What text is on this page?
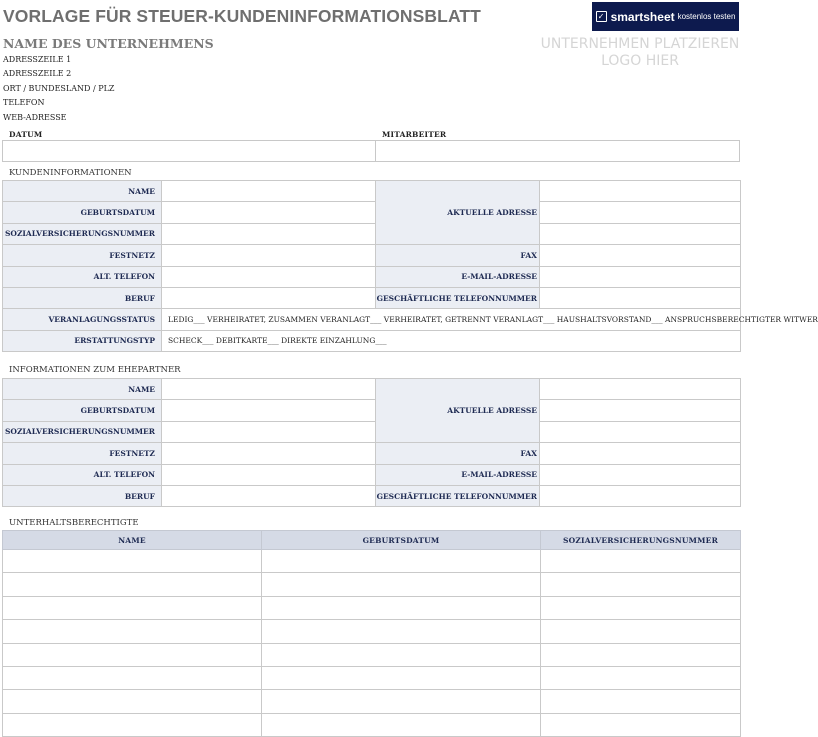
VORLAGE FÜR STEUER-KUNDENINFORMATIONSBLATT
NAME DES UNTERNEHMENS
ADRESSZEILE 1
ADRESSZEILE 2
ORT / BUNDESLAND / PLZ
TELEFON
WEB-ADRESSE
✓ smartsheet kostenlos testen
UNTERNEHMEN PLATZIEREN
LOGO HIER
DATUM	MITARBEITER
KUNDENINFORMATIONEN
NAME		AKTUELLE ADRESSE	
GEBURTSDATUM			
SOZIALVERSICHERUNGSNUMMER			
FESTNETZ		FAX	
ALT. TELEFON		E-MAIL-ADRESSE	
BERUF		GESCHÄFTLICHE TELEFONNUMMER	
VERANLAGUNGSSTATUS	LEDIG___ VERHEIRATET, ZUSAMMEN VERANLAGT___ VERHEIRATET, GETRENNT VERANLAGT___ HAUSHALTSVORSTAND___ ANSPRUCHSBERECHTIGTER WITWER		
ERSTATTUNGSTYP	SCHECK___ DEBITKARTE___ DIREKTE EINZAHLUNG___		
INFORMATIONEN ZUM EHEPARTNER
NAME		AKTUELLE ADRESSE	
GEBURTSDATUM			
SOZIALVERSICHERUNGSNUMMER			
FESTNETZ		FAX	
ALT. TELEFON		E-MAIL-ADRESSE	
BERUF		GESCHÄFTLICHE TELEFONNUMMER	
UNTERHALTSBERECHTIGTE
NAME	GEBURTSDATUM	SOZIALVERSICHERUNGSNUMMER
